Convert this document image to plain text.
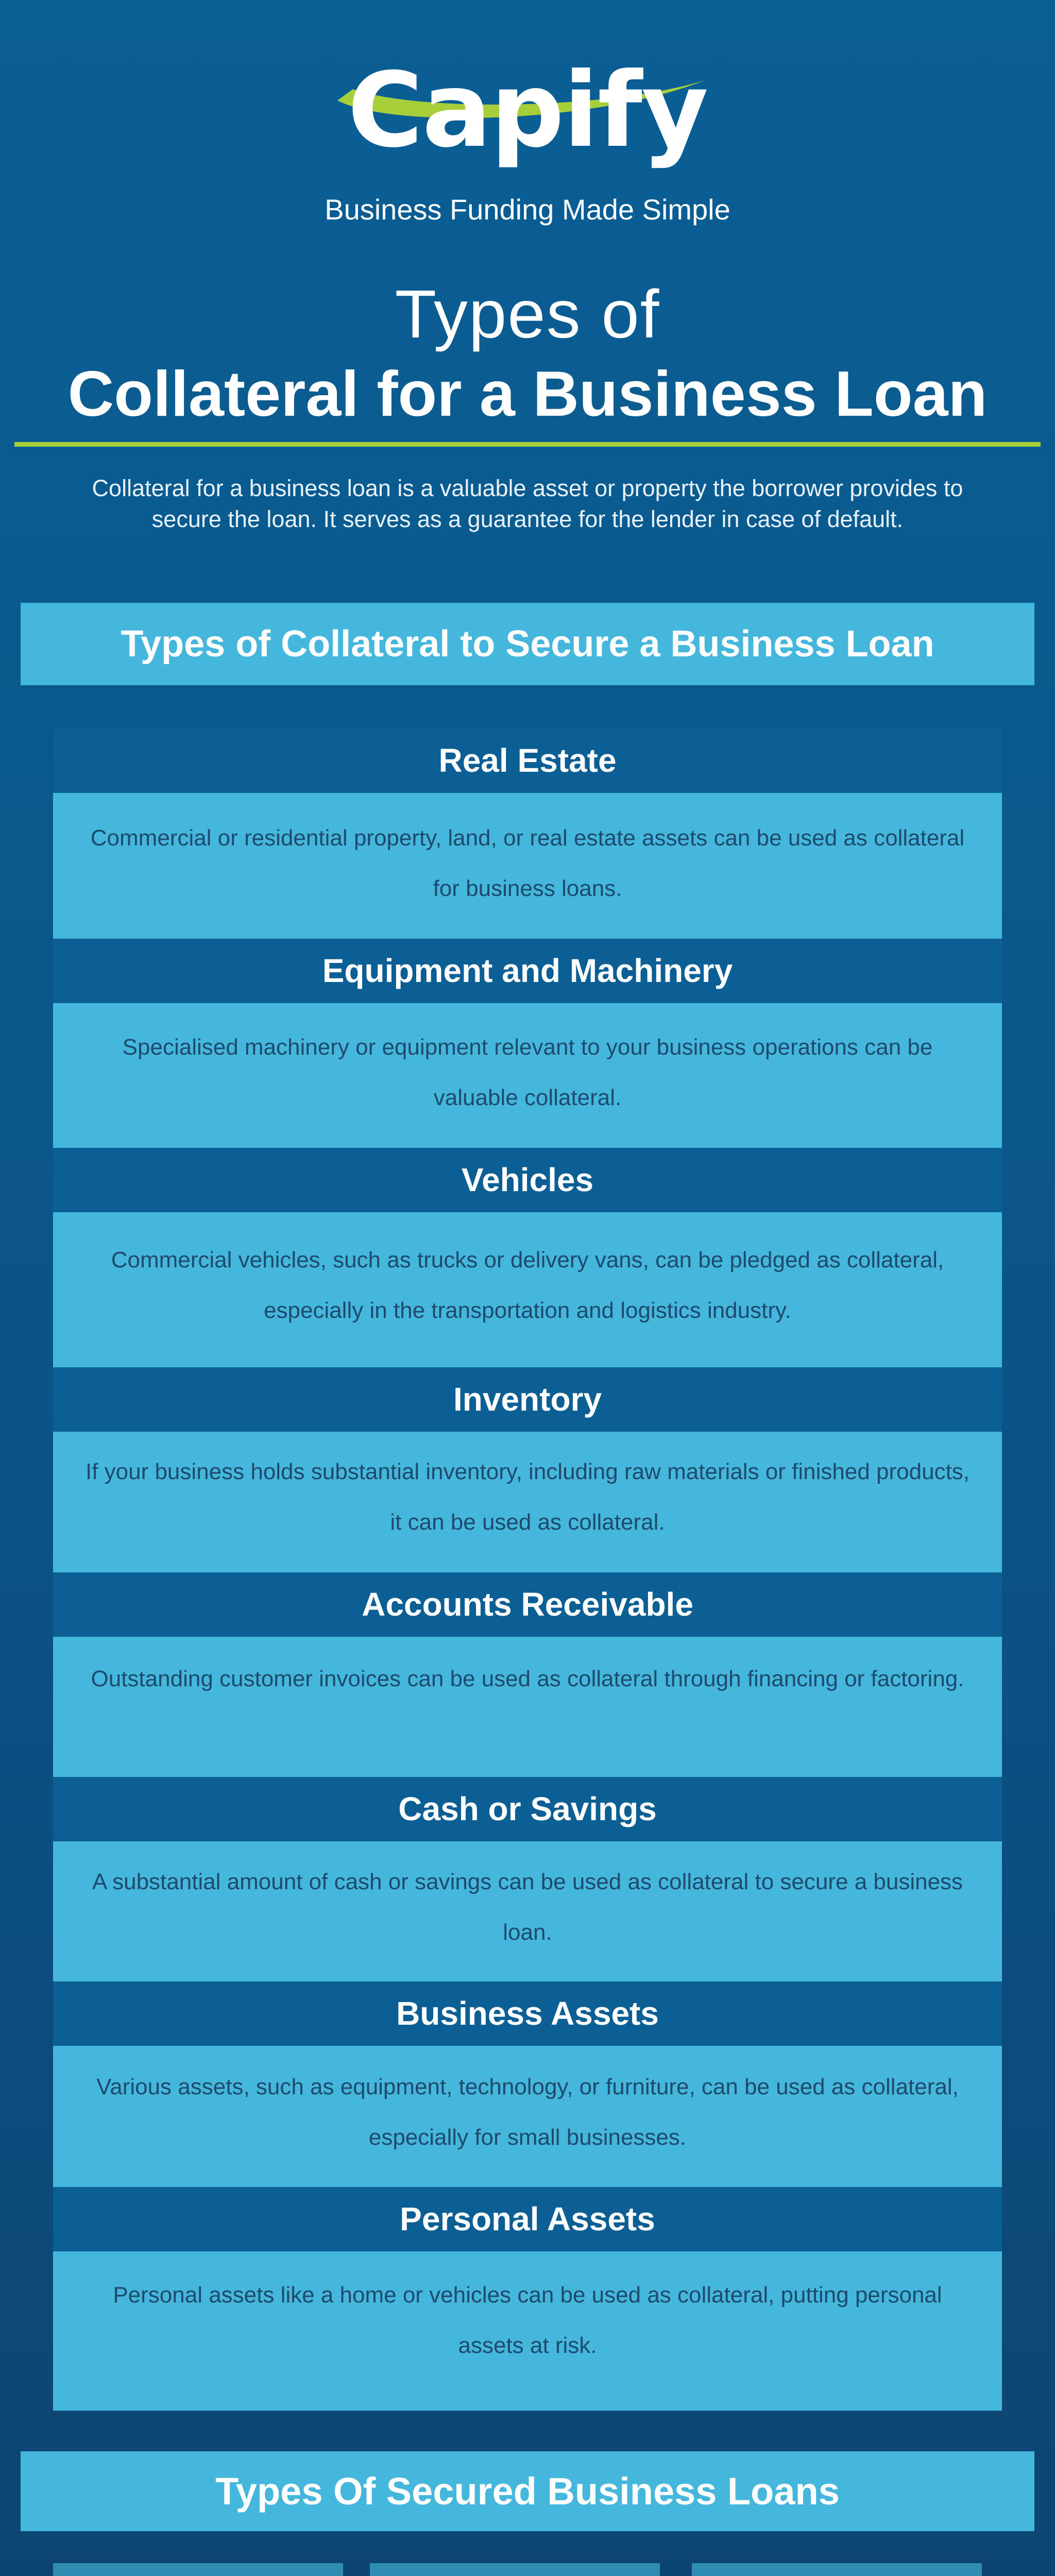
Capify
Business Funding Made Simple
Types of
Collateral for a Business Loan
Collateral for a business loan is a valuable asset or property the borrower provides to secure the loan. It serves as a guarantee for the lender in case of default.
Types of Collateral to Secure a Business Loan
Real Estate
Commercial or residential property, land, or real estate assets can be used as collateral for business loans.
Equipment and Machinery
Specialised machinery or equipment relevant to your business operations can be valuable collateral.
Vehicles
Commercial vehicles, such as trucks or delivery vans, can be pledged as collateral, especially in the transportation and logistics industry.
Inventory
If your business holds substantial inventory, including raw materials or finished products, it can be used as collateral.
Accounts Receivable
Outstanding customer invoices can be used as collateral through financing or factoring.
Cash or Savings
A substantial amount of cash or savings can be used as collateral to secure a business loan.
Business Assets
Various assets, such as equipment, technology, or furniture, can be used as collateral, especially for small businesses.
Personal Assets
Personal assets like a home or vehicles can be used as collateral, putting personal assets at risk.
Types Of Secured Business Loans
